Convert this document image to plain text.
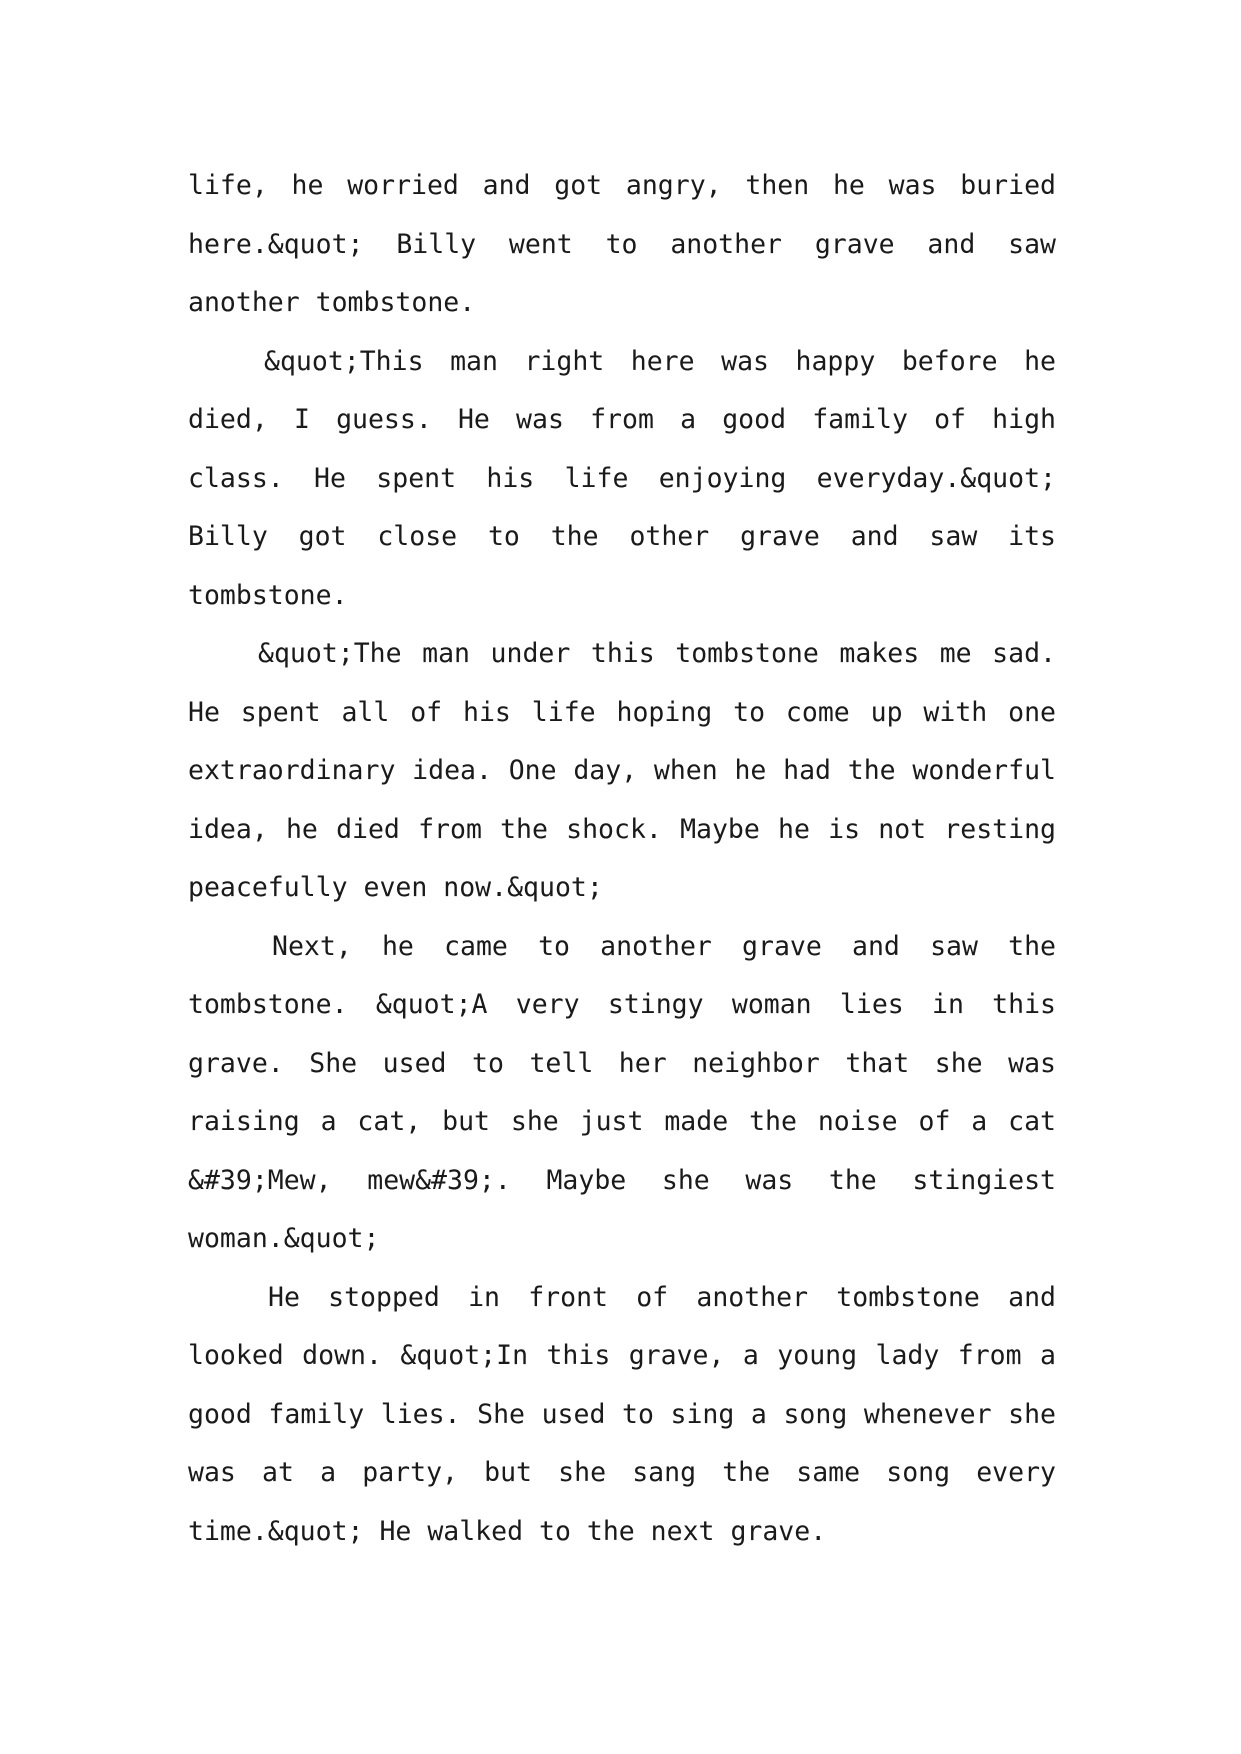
life, he worried and got angry, then he was buried here.&quot; Billy went to another grave and saw another tombstone.

&quot;This man right here was happy before he died, I guess. He was from a good family of high class. He spent his life enjoying everyday.&quot; Billy got close to the other grave and saw its tombstone.

&quot;The man under this tombstone makes me sad. He spent all of his life hoping to come up with one extraordinary idea. One day, when he had the wonderful idea, he died from the shock. Maybe he is not resting peacefully even now.&quot;

Next, he came to another grave and saw the tombstone. &quot;A very stingy woman lies in this grave. She used to tell her neighbor that she was raising a cat, but she just made the noise of a cat &#39;Mew, mew&#39;. Maybe she was the stingiest woman.&quot;

He stopped in front of another tombstone and looked down. &quot;In this grave, a young lady from a good family lies. She used to sing a song whenever she was at a party, but she sang the same song every time.&quot; He walked to the next grave.
